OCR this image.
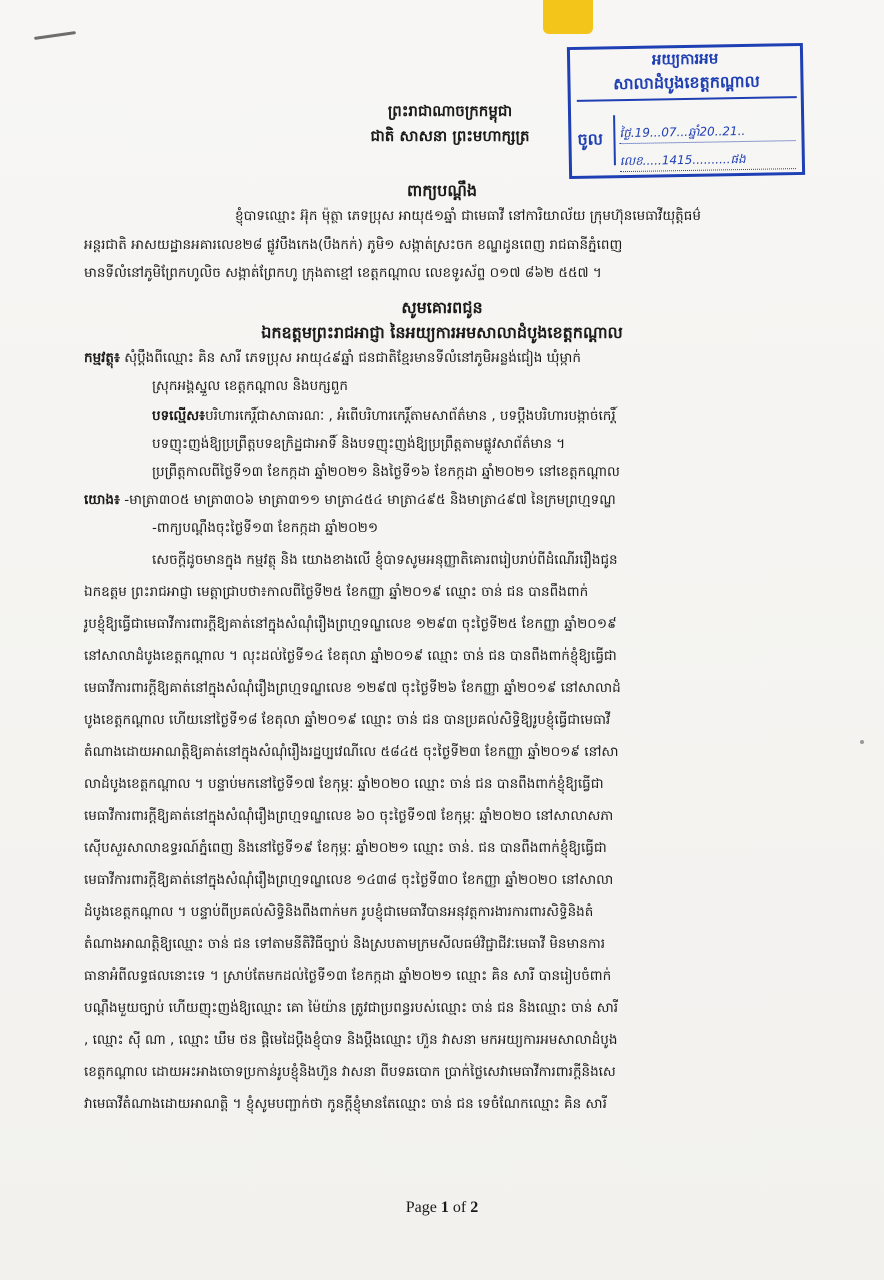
អយ្យការអម
សាលាដំបូងខេត្តកណ្តាល
ចូល	ថ្ងៃ.19...07...ឆ្នាំ20..21..
លេខ.....1415..........ផង
ព្រះរាជាណាចក្រកម្ពុជា
ជាតិ សាសនា ព្រះមហាក្សត្រ
ពាក្យបណ្តឹង
ខ្ញុំបាទឈ្មោះ អ៊ុក ម៉ុត្ថា ភេទប្រុស អាយុ៥១ឆ្នាំ ជាមេធាវី នៅការិយាល័យ ក្រុមហ៊ុនមេធាវីយុត្តិធម៌
អន្តរជាតិ អាសយដ្ឋានអគារលេខ២៨ ផ្លូវបឹងកេង(បឹងកក់) ភូមិ១ សង្កាត់ស្រះចក ខណ្ឌដូនពេញ រាជធានីភ្នំពេញ
មានទីលំនៅភូមិព្រែកហូលិច សង្កាត់ព្រែកហូ ក្រុងតាខ្មៅ ខេត្តកណ្តាល លេខទូរស័ព្ទ ០១៧ ៨៦២ ៥៥៧ ។
សូមគោរពជូន
ឯកឧត្តមព្រះរាជអាជ្ញា នៃអយ្យការអមសាលាដំបូងខេត្តកណ្តាល
កម្មវត្ថុ៖ សុំប្តឹងពីឈ្មោះ គិន សារី ភេទប្រុស អាយុ៤៩ឆ្នាំ ជនជាតិខ្មែរមានទីលំនៅភូមិអន្លង់ជៀង ឃុំម្កាក់
ស្រុកអង្គស្នួល ខេត្តកណ្តាល និងបក្សពួក
បទល្មើស៖បរិហារកេរ្តិ៍ជាសាធារណៈ , អំពើបរិហារកេរ្តិ៍តាមសាព័ត៌មាន , បទប្តឹងបរិហារបង្កាច់កេរ្តិ៍
បទញុះញង់ឱ្យប្រព្រឹត្តបទឧក្រិដ្ឋជាអាទិ៍ និងបទញុះញង់ឱ្យប្រព្រឹត្តតាមផ្លូវសាព័ត៌មាន ។
ប្រព្រឹត្តកាលពីថ្ងៃទី១៣ ខែកក្កដា ឆ្នាំ២០២១ និងថ្ងៃទី១៦ ខែកក្កដា ឆ្នាំ២០២១ នៅខេត្តកណ្តាល
យោង៖ -មាត្រា៣០៥ មាត្រា៣០៦ មាត្រា៣១១ មាត្រា៤៥៤ មាត្រា៤៩៥ និងមាត្រា៤៩៧ នៃក្រមព្រហ្មទណ្ឌ
-ពាក្យបណ្តឹងចុះថ្ងៃទី១៣ ខែកក្កដា ឆ្នាំ២០២១
សេចក្តីដូចមានក្នុង កម្មវត្ថុ និង យោងខាងលើ ខ្ញុំបាទសូមអនុញ្ញាតិគោរពរៀបរាប់ពីដំណើររឿងជូន
ឯកឧត្តម ព្រះរាជអាជ្ញា មេត្តាជ្រាបថា៖កាលពីថ្ងៃទី២៥ ខែកញ្ញា ឆ្នាំ២០១៩ ឈ្មោះ ចាន់ ជន បានពឹងពាក់
រូបខ្ញុំឱ្យធ្វើជាមេធាវីការពារក្តីឱ្យគាត់នៅក្នុងសំណុំរឿងព្រហ្មទណ្ឌលេខ ១២៩៣ ចុះថ្ងៃទី២៥ ខែកញ្ញា ឆ្នាំ២០១៩
នៅសាលាដំបូងខេត្តកណ្តាល ។ លុះដល់ថ្ងៃទី១៤ ខែតុលា ឆ្នាំ២០១៩ ឈ្មោះ ចាន់ ជន បានពឹងពាក់ខ្ញុំឱ្យធ្វើជា
មេធាវីការពារក្តីឱ្យគាត់នៅក្នុងសំណុំរឿងព្រហ្មទណ្ឌលេខ ១២៩៧ ចុះថ្ងៃទី២៦ ខែកញ្ញា ឆ្នាំ២០១៩ នៅសាលាដំ
បូងខេត្តកណ្តាល ហើយនៅថ្ងៃទី១៨ ខែតុលា ឆ្នាំ២០១៩ ឈ្មោះ ចាន់ ជន បានប្រគល់សិទ្ធិឱ្យរូបខ្ញុំធ្វើជាមេធាវី
តំណាងដោយអាណត្តិឱ្យគាត់នៅក្នុងសំណុំរឿងរដ្ឋប្បវេណីលេ ៥៨៤៥ ចុះថ្ងៃទី២៣ ខែកញ្ញា ឆ្នាំ២០១៩ នៅសា
លាដំបូងខេត្តកណ្តាល ។ បន្ទាប់មកនៅថ្ងៃទី១៧ ខែកុម្ភៈ ឆ្នាំ២០២០ ឈ្មោះ ចាន់ ជន បានពឹងពាក់ខ្ញុំឱ្យធ្វើជា
មេធាវីការពារក្តីឱ្យគាត់នៅក្នុងសំណុំរឿងព្រហ្មទណ្ឌលេខ ៦០ ចុះថ្ងៃទី១៧ ខែកុម្ភៈ ឆ្នាំ២០២០ នៅសាលាសភា
ស៊ើបសួរសាលាឧទ្ធរណ៍ភ្នំពេញ និងនៅថ្ងៃទី១៩ ខែកុម្ភៈ ឆ្នាំ២០២១ ឈ្មោះ ចាន់. ជន បានពឹងពាក់ខ្ញុំឱ្យធ្វើជា
មេធាវីការពារក្តីឱ្យគាត់នៅក្នុងសំណុំរឿងព្រហ្មទណ្ឌលេខ ១៤៣៨ ចុះថ្ងៃទី៣០ ខែកញ្ញា ឆ្នាំ២០២០ នៅសាលា
ដំបូងខេត្តកណ្តាល ។ បន្ទាប់ពីប្រគល់សិទ្ធិនិងពឹងពាក់មក រូបខ្ញុំជាមេធាវីបានអនុវត្តការងារការពារសិទ្ធិនិងតំ
តំណាងអាណត្តិឱ្យឈ្មោះ ចាន់ ជន ទៅតាមនីតិវិធីច្បាប់ និងស្របតាមក្រមសីលធម៌វិជ្ជាជីវៈមេធាវី មិនមានការ
ធានាអំពីលទ្ធផលនោះទេ ។ ស្រាប់តែមកដល់ថ្ងៃទី១៣ ខែកក្កដា ឆ្នាំ២០២១ ឈ្មោះ គិន សារី បានរៀបចំពាក់
បណ្តឹងមួយច្បាប់ ហើយញុះញង់ឱ្យឈ្មោះ គោ ម៉ៃយ៉ាន ត្រូវជាប្រពន្ធរបស់ឈ្មោះ ចាន់ ជន និងឈ្មោះ ចាន់ សារី
, ឈ្មោះ ស៊ី ណា , ឈ្មោះ ឃឹម ថន ផ្តិមេដៃប្តឹងខ្ញុំបាទ និងប្តឹងឈ្មោះ ហ៊ួន វាសនា មកអយ្យការអមសាលាដំបូង
ខេត្តកណ្តាល ដោយអះអាងចោទប្រកាន់រូបខ្ញុំនិងហ៊ួន វាសនា ពីបទឆបោក ប្រាក់ថ្លៃសេវាមេធាវីការពារក្តីនិងសេ
វាមេធាវីតំណាងដោយអាណត្តិ ។ ខ្ញុំសូមបញ្ជាក់ថា កូនក្តីខ្ញុំមានតែឈ្មោះ ចាន់ ជន ទេចំណែកឈ្មោះ គិន សារី
Page 1 of 2
